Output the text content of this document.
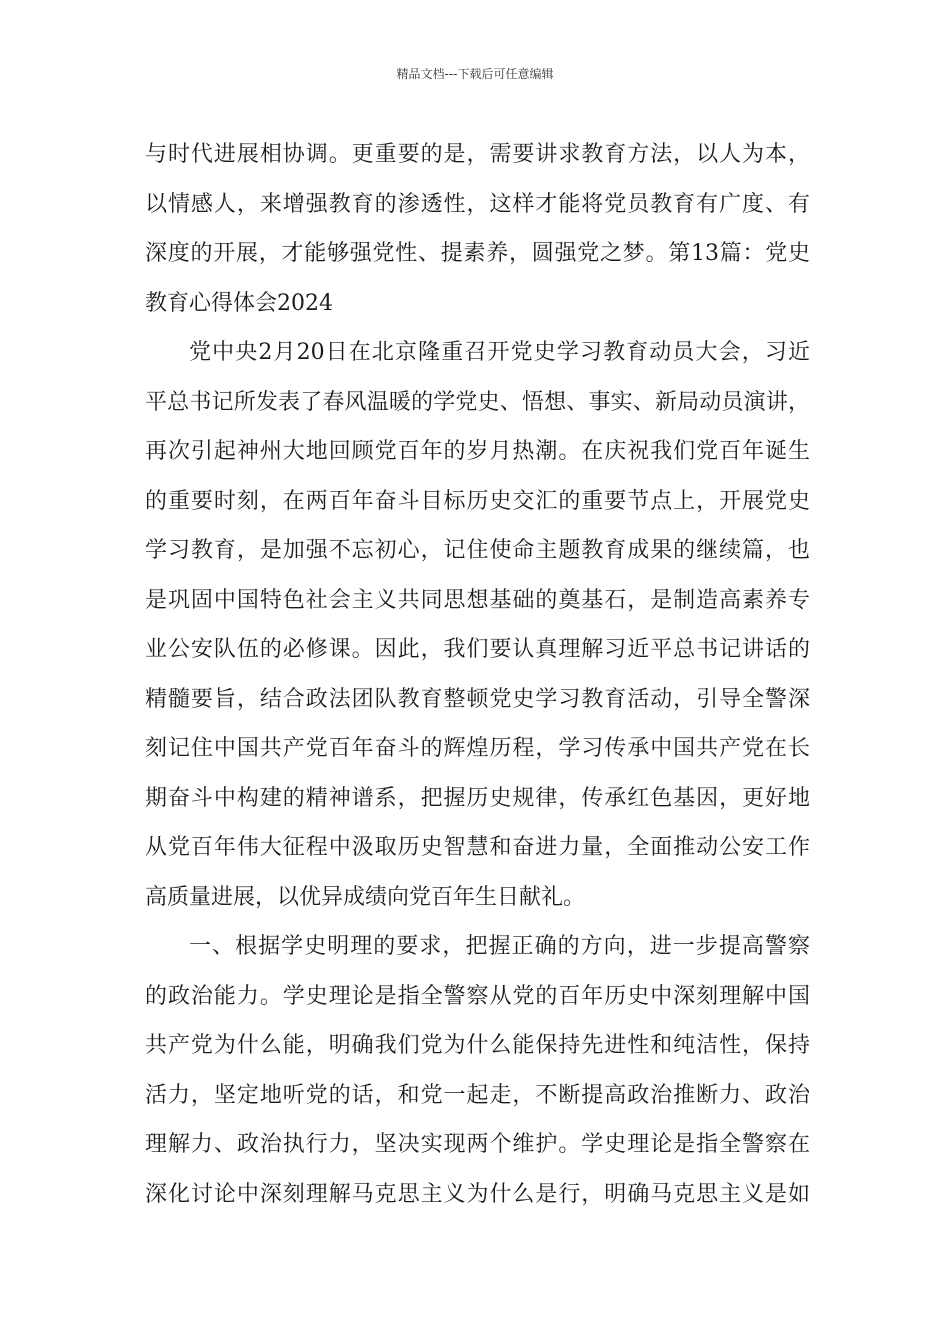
精品文档---下载后可任意编辑

与时代进展相协调。更重要的是，需要讲求教育方法，以人为本，
以情感人，来增强教育的渗透性，这样才能将党员教育有广度、有
深度的开展，才能够强党性、提素养，圆强党之梦。第13篇：党史
教育心得体会2024

党中央2月20日在北京隆重召开党史学习教育动员大会，习近
平总书记所发表了春风温暖的学党史、悟想、事实、新局动员演讲，
再次引起神州大地回顾党百年的岁月热潮。在庆祝我们党百年诞生
的重要时刻，在两百年奋斗目标历史交汇的重要节点上，开展党史
学习教育，是加强不忘初心，记住使命主题教育成果的继续篇，也
是巩固中国特色社会主义共同思想基础的奠基石，是制造高素养专
业公安队伍的必修课。因此，我们要认真理解习近平总书记讲话的
精髓要旨，结合政法团队教育整顿党史学习教育活动，引导全警深
刻记住中国共产党百年奋斗的辉煌历程，学习传承中国共产党在长
期奋斗中构建的精神谱系，把握历史规律，传承红色基因，更好地
从党百年伟大征程中汲取历史智慧和奋进力量，全面推动公安工作
高质量进展，以优异成绩向党百年生日献礼。

一、根据学史明理的要求，把握正确的方向，进一步提高警察
的政治能力。学史理论是指全警察从党的百年历史中深刻理解中国
共产党为什么能，明确我们党为什么能保持先进性和纯洁性，保持
活力，坚定地听党的话，和党一起走，不断提高政治推断力、政治
理解力、政治执行力，坚决实现两个维护。学史理论是指全警察在
深化讨论中深刻理解马克思主义为什么是行，明确马克思主义是如
